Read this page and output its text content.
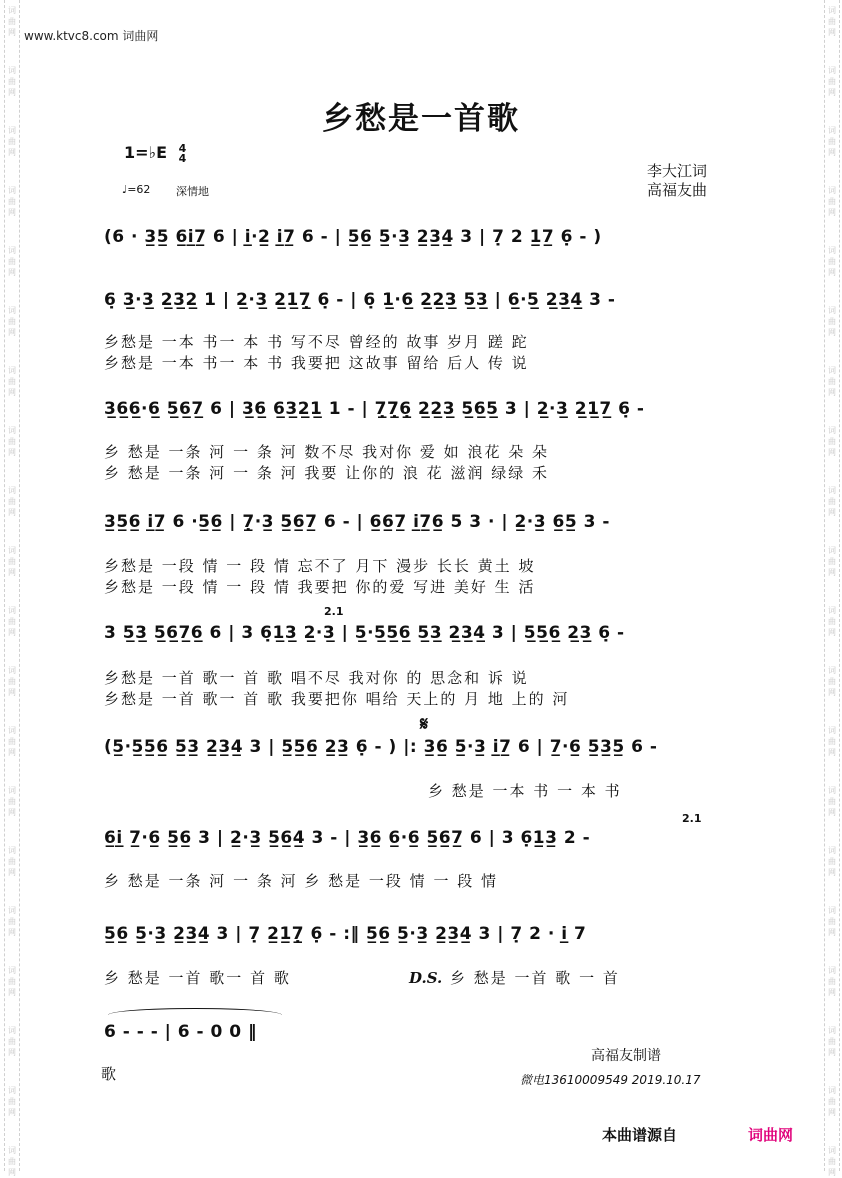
词
曲
网
词
曲
网
词
曲
网
词
曲
网
词
曲
网
词
曲
网
词
曲
网
词
曲
网
词
曲
网
词
曲
网
词
曲
网
词
曲
网
词
曲
网
词
曲
网
词
曲
网
词
曲
网
词
曲
网
词
曲
网
词
曲
网
词
曲
网
词
曲
网
词
曲
网
词
曲
网
词
曲
网
词
曲
网
词
曲
网
词
曲
网
词
曲
网
词
曲
网
词
曲
网
词
曲
网
词
曲
网
词
曲
网
词
曲
网
词
曲
网
词
曲
网
词
曲
网
词
曲
网
词
曲
网
词
曲
网
www.ktvc8.com 词曲网
乡愁是一首歌
1=♭E 4
4
♩=62 深情地
李大江词
高福友曲
(6 · 3̲5̲ 6̲i̲7̲ 6 | i̲·2̲ i̲7̲ 6 - | 5̲6̲ 5̲·3̲ 2̲3̲4̲ 3 | 7̣ 2 1̲7̲ 6̣ - )
6̣ 3̲·3̲ 2̲3̲2̲ 1 | 2̲·3̲ 2̲1̲7̣̲ 6̣ - | 6̣ 1̲·6̲ 2̲2̲3̲ 5̲3̲ | 6̲·5̲ 2̲3̲4̲ 3 -
乡愁是 一本 书一 本 书 写不尽 曾经的 故事 岁月 蹉 跎
乡愁是 一本 书一 本 书 我要把 这故事 留给 后人 传 说
3̲6̲6̲·6̲ 5̲6̲7̲ 6 | 3̲6̲ 6̲3̲2̲1̲ 1 - | 7̣̲7̣̲6̣̲ 2̲2̲3̲ 5̲6̲5̲ 3 | 2̲·3̲ 2̲1̲7̲ 6̣ -
乡 愁是 一条 河 一 条 河 数不尽 我对你 爱 如 浪花 朵 朵
乡 愁是 一条 河 一 条 河 我要 让你的 浪 花 滋润 绿绿 禾
3̲5̲6̲ i̲7̲ 6 ·5̲6̲ | 7̣̲·3̲ 5̲6̲7̲ 6 - | 6̲6̲7̲ i̲7̲6̲ 5 3 · | 2̲·3̲ 6̲5̲ 3 -
乡愁是 一段 情 一 段 情 忘不了 月下 漫步 长长 黄土 坡
乡愁是 一段 情 一 段 情 我要把 你的爱 写进 美好 生 活
2.1
3 5̲3̲ 5̲6̲7̲6̲ 6 | 3 6̣1̲3̲ 2̲·3̲ | 5̲·5̲5̲6̲ 5̲3̲ 2̲3̲4̲ 3 | 5̲5̲6̲ 2̲3̲ 6̣ -
乡愁是 一首 歌一 首 歌 唱不尽 我对你 的 思念和 诉 说
乡愁是 一首 歌一 首 歌 我要把你 唱给 天上的 月 地 上的 河
𝄋
(5̲·5̲5̲6̲ 5̲3̲ 2̲3̲4̲ 3 | 5̲5̲6̲ 2̲3̲ 6̣ - ) |: 3̲6̲ 5̲·3̲ i̲7̲ 6 | 7̲·6̲ 5̲3̲5̲ 6 -
乡 愁是 一本 书 一 本 书
2.1
6̲i̲ 7̲·6̲ 5̲6̲ 3 | 2̲·3̲ 5̲6̲4̲ 3 - | 3̲6̲ 6̲·6̲ 5̲6̲7̲ 6 | 3 6̣1̲3̲ 2 -
乡 愁是 一条 河 一 条 河 乡 愁是 一段 情 一 段 情
5̲6̲ 5̲·3̲ 2̲3̲4̲ 3 | 7̣ 2̲1̲7̣̲ 6̣ - :‖ 5̲6̲ 5̲·3̲ 2̲3̲4̲ 3 | 7̣ 2 · i̲ 7
乡 愁是 一首 歌一 首 歌	D.S. 乡 愁是 一首 歌 一 首
6 - - - | 6 - 0 0 ‖
歌
高福友制谱
微电13610009549 2019.10.17
本曲谱源自	词曲网
